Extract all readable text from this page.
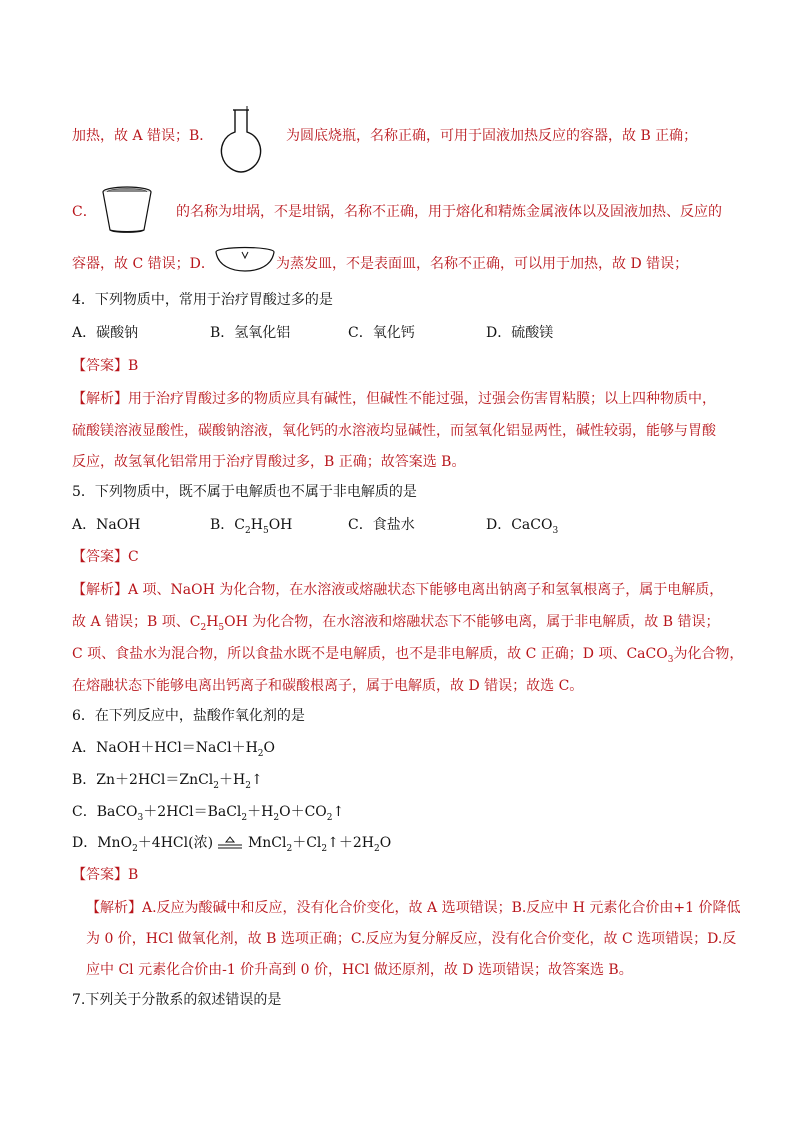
加热，故 A 错误；B．	为圆底烧瓶，名称正确，可用于固液加热反应的容器，故 B 正确；
C．	的名称为坩埚，不是坩锅，名称不正确，用于熔化和精炼金属液体以及固液加热、反应的
容器，故 C 错误；D．	为蒸发皿，不是表面皿，名称不正确，可以用于加热，故 D 错误；
4．下列物质中，常用于治疗胃酸过多的是
A．碳酸钠	B．氢氧化铝	C．氧化钙	D．硫酸镁
【答案】B
【解析】用于治疗胃酸过多的物质应具有碱性，但碱性不能过强，过强会伤害胃粘膜；以上四种物质中，
硫酸镁溶液显酸性，碳酸钠溶液，氧化钙的水溶液均显碱性，而氢氧化铝显两性，碱性较弱，能够与胃酸
反应，故氢氧化铝常用于治疗胃酸过多，B 正确；故答案选 B。
5．下列物质中，既不属于电解质也不属于非电解质的是
A．NaOH	B．$C_2H_5OH$	C．食盐水	D．CaCO$_3$
【答案】C
【解析】A 项、NaOH 为化合物，在水溶液或熔融状态下能够电离出钠离子和氢氧根离子，属于电解质，
故 A 错误；B 项、$C_2H_5OH$ 为化合物，在水溶液和熔融状态下不能够电离，属于非电解质，故 B 错误；
C 项、食盐水为混合物，所以食盐水既不是电解质，也不是非电解质，故 C 正确；D 项、CaCO$_3$为化合物，
在熔融状态下能够电离出钙离子和碳酸根离子，属于电解质，故 D 错误；故选 C。
6．在下列反应中，盐酸作氧化剂的是
A．$NaOH+HCl=NaCl+H_2O$
B．$Zn+2HCl=ZnCl_2+H_2↑$
C．$BaCO_3+2HCl=BaCl_2+H_2O+CO_2↑$
D．MnO$_2$＋4HCl(浓) $MnCl_2+Cl_2↑+2H_2O$
【答案】B
【解析】A.反应为酸碱中和反应，没有化合价变化，故 A 选项错误；B.反应中 H 元素化合价由+1 价降低
为 0 价，HCl 做氧化剂，故 B 选项正确；C.反应为复分解反应，没有化合价变化，故 C 选项错误；D.反
应中 Cl 元素化合价由-1 价升高到 0 价，HCl 做还原剂，故 D 选项错误；故答案选 B。
7.下列关于分散系的叙述错误的是
